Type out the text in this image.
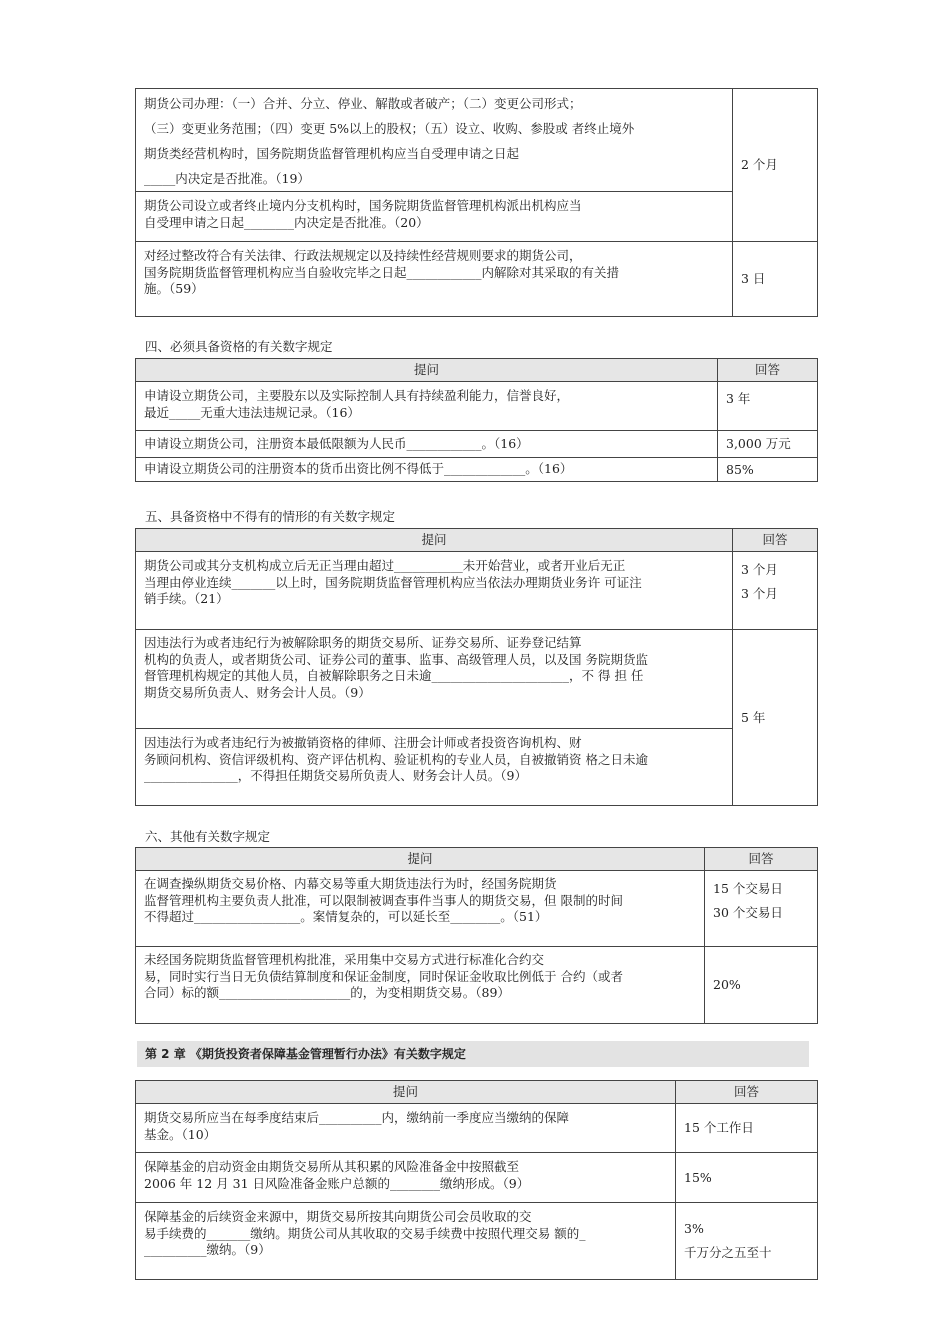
期货公司办理：（一）合并、分立、停业、解散或者破产；（二）变更公司形式；
（三）变更业务范围；（四）变更 5%以上的股权；（五）设立、收购、参股或 者终止境外
期货类经营机构时，国务院期货监督管理机构应当自受理申请之日起
_____内决定是否批准。（19）	2 个月

期货公司设立或者终止境内分支机构时，国务院期货监督管理机构派出机构应当
自受理申请之日起________内决定是否批准。（20）	

对经过整改符合有关法律、行政法规规定以及持续性经营规则要求的期货公司，
国务院期货监督管理机构应当自验收完毕之日起____________内解除对其采取的有关措
施。（59）	3 日
四、必须具备资格的有关数字规定
提问	回答

申请设立期货公司，主要股东以及实际控制人具有持续盈利能力，信誉良好，
最近_____无重大违法违规记录。（16）	3 年

申请设立期货公司，注册资本最低限额为人民币____________。（16）	3,000 万元

申请设立期货公司的注册资本的货币出资比例不得低于_____________。（16）	85%
五、具备资格中不得有的情形的有关数字规定
提问	回答

期货公司或其分支机构成立后无正当理由超过___________未开始营业，或者开业后无正
当理由停业连续_______以上时，国务院期货监督管理机构应当依法办理期货业务许 可证注
销手续。（21）	3 个月
3 个月

因违法行为或者违纪行为被解除职务的期货交易所、证券交易所、证券登记结算
机构的负责人，或者期货公司、证券公司的董事、监事、高级管理人员，以及国 务院期货监
督管理机构规定的其他人员，自被解除职务之日未逾______________________，不 得 担 任
期货交易所负责人、财务会计人员。（9）	5 年

因违法行为或者违纪行为被撤销资格的律师、注册会计师或者投资咨询机构、财
务顾问机构、资信评级机构、资产评估机构、验证机构的专业人员，自被撤销资 格之日未逾
_______________，不得担任期货交易所负责人、财务会计人员。（9）	
六、其他有关数字规定
提问	回答

在调查操纵期货交易价格、内幕交易等重大期货违法行为时，经国务院期货
监督管理机构主要负责人批准，可以限制被调查事件当事人的期货交易，但 限制的时间
不得超过_________________。案情复杂的，可以延长至________。（51）	15 个交易日
30 个交易日

未经国务院期货监督管理机构批准，采用集中交易方式进行标准化合约交
易，同时实行当日无负债结算制度和保证金制度，同时保证金收取比例低于 合约（或者
合同）标的额_____________________的，为变相期货交易。（89）	20%
第 2 章 《期货投资者保障基金管理暂行办法》有关数字规定
提问	回答

期货交易所应当在每季度结束后__________内，缴纳前一季度应当缴纳的保障
基金。（10）	15 个工作日

保障基金的启动资金由期货交易所从其积累的风险准备金中按照截至
2006 年 12 月 31 日风险准备金账户总额的________缴纳形成。（9）	15%

保障基金的后续资金来源中，期货交易所按其向期货公司会员收取的交
易手续费的_______缴纳。期货公司从其收取的交易手续费中按照代理交易 额的_
__________缴纳。（9）	3%
千万分之五至十
